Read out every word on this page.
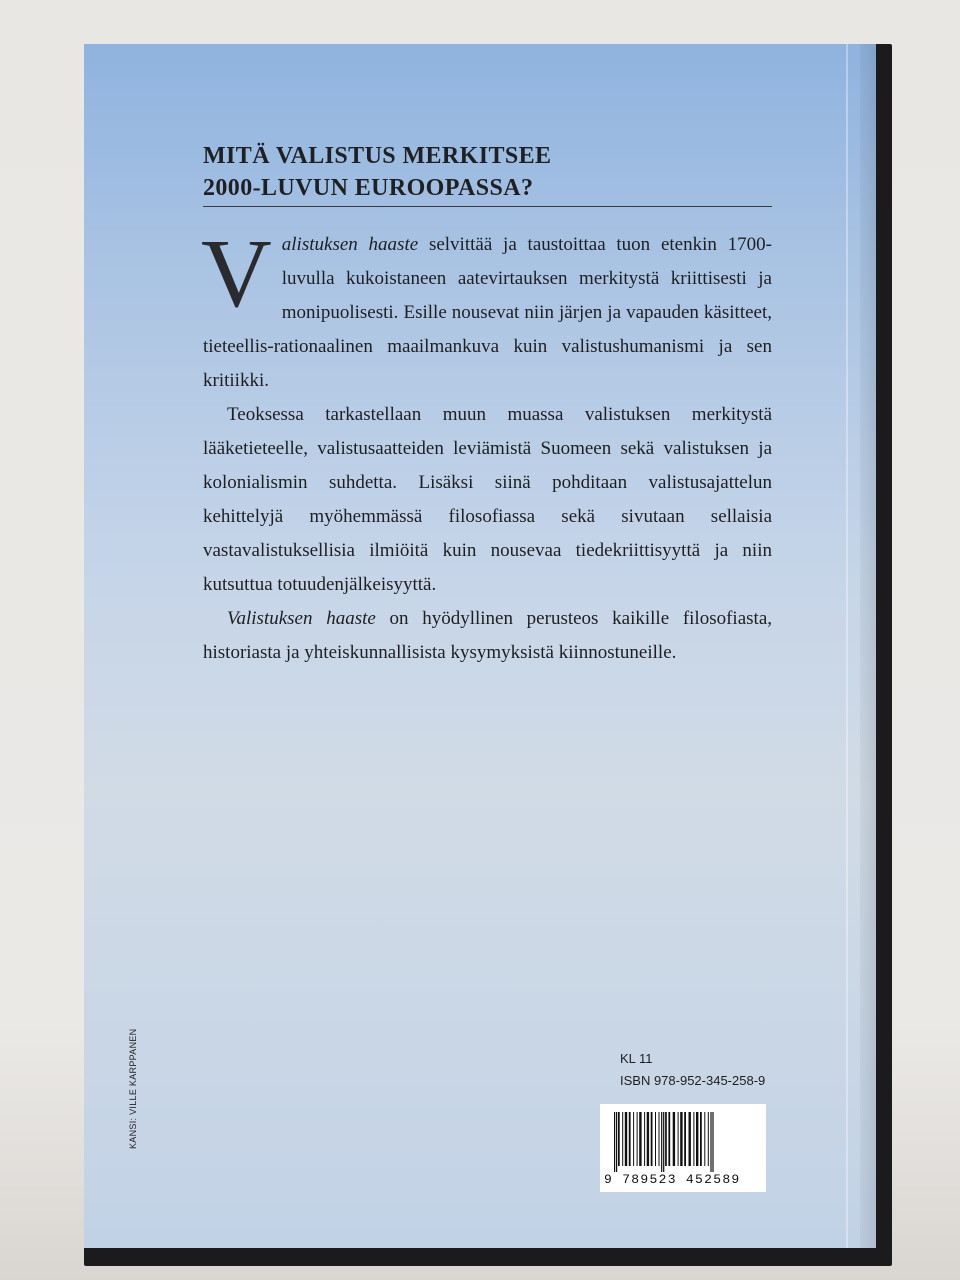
MITÄ VALISTUS MERKITSEE
2000-LUVUN EUROOPASSA?

Valistuksen haaste selvittää ja taustoittaa tuon etenkin 1700-luvulla kukoistaneen aatevirtauksen merkitystä kriittisesti ja monipuolisesti. Esille nousevat niin järjen ja vapauden käsitteet, tieteellis-rationaalinen maailmankuva kuin valistushumanismi ja sen kritiikki.

Teoksessa tarkastellaan muun muassa valistuksen merkitystä lääketieteelle, valistusaatteiden leviämistä Suomeen sekä valistuksen ja kolonialismin suhdetta. Lisäksi siinä pohditaan valistusajattelun kehittelyjä myöhemmässä filosofiassa sekä sivutaan sellaisia vastavalistuksellisia ilmiöitä kuin nousevaa tiedekriittisyyttä ja niin kutsuttua totuudenjälkeisyyttä.

Valistuksen haaste on hyödyllinen perusteos kaikille filosofiasta, historiasta ja yhteiskunnallisista kysymyksistä kiinnostuneille.

KANSI: VILLE KARPPANEN	KL 11
ISBN 978-952-345-258-9
9 789523 452589
